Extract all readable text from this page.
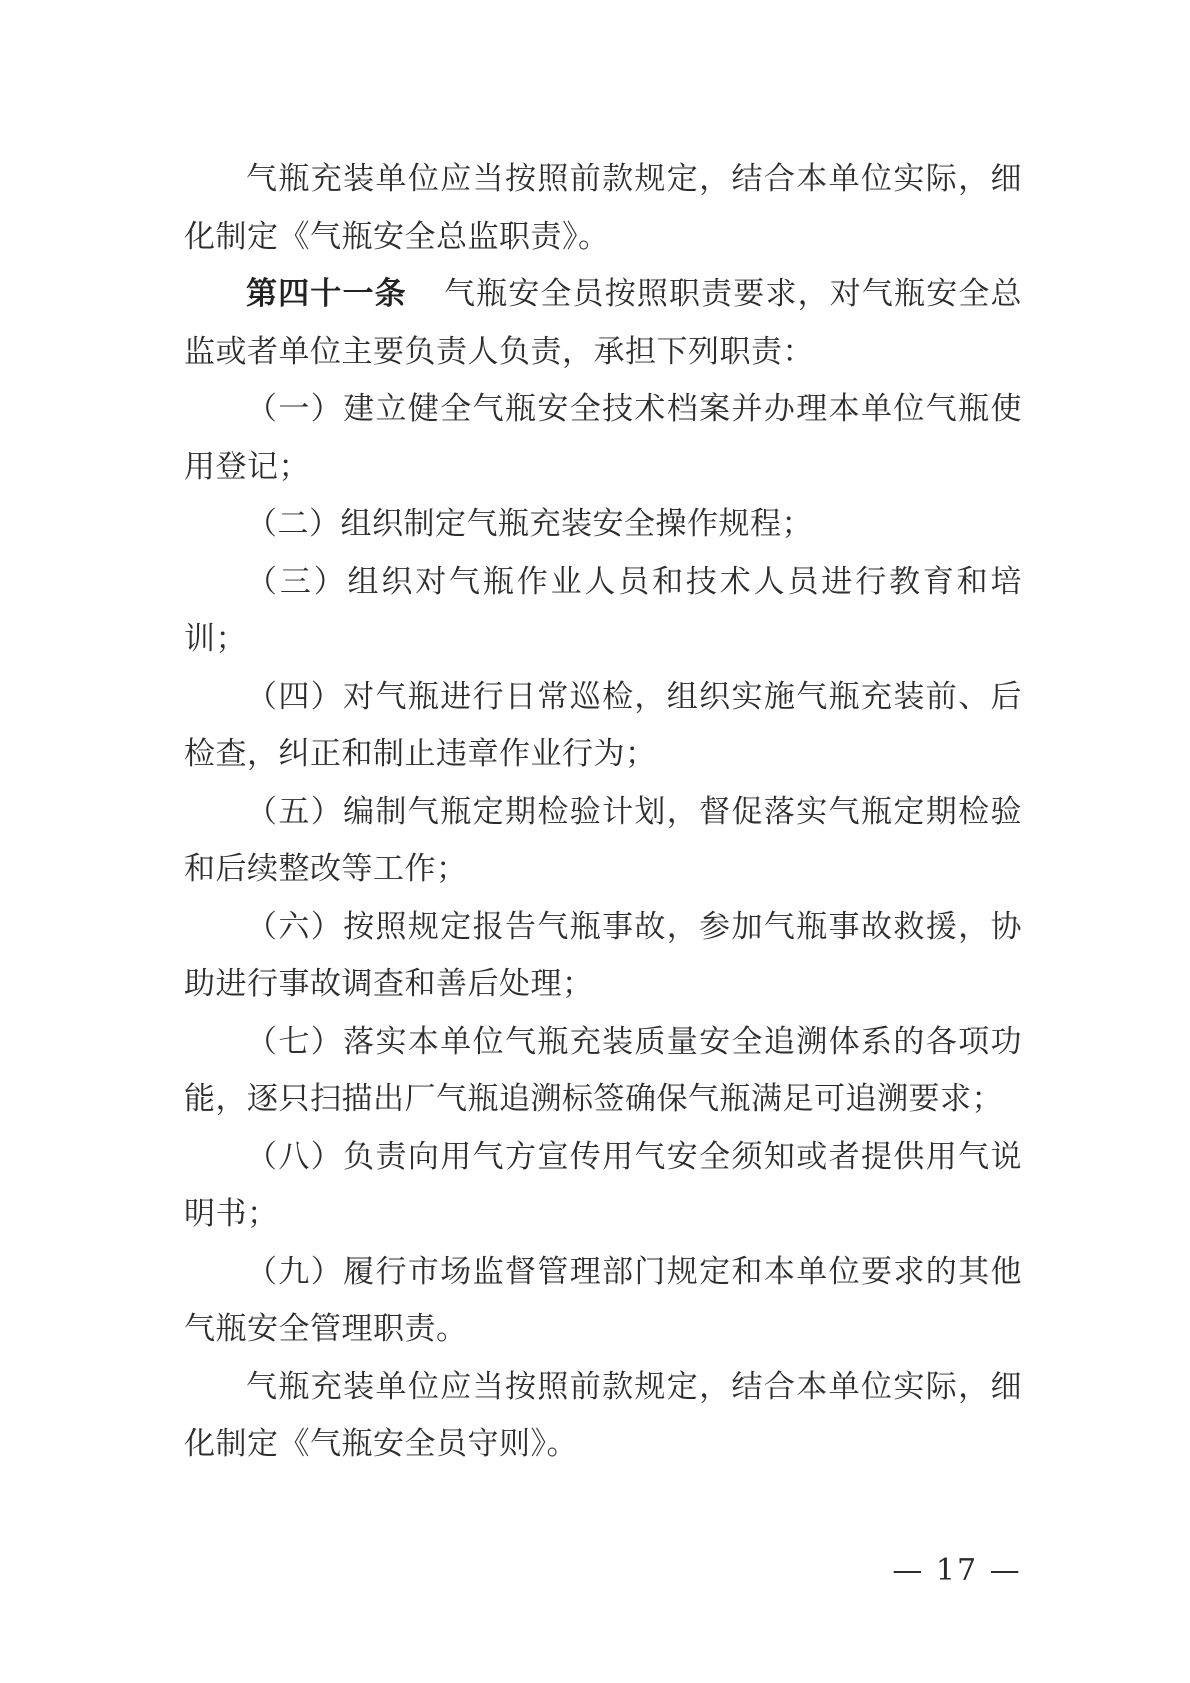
气瓶充装单位应当按照前款规定，结合本单位实际，细化制定《气瓶安全总监职责》。

第四十一条 气瓶安全员按照职责要求，对气瓶安全总监或者单位主要负责人负责，承担下列职责：

（一）建立健全气瓶安全技术档案并办理本单位气瓶使用登记；

（二）组织制定气瓶充装安全操作规程；

（三）组织对气瓶作业人员和技术人员进行教育和培训；

（四）对气瓶进行日常巡检，组织实施气瓶充装前、后检查，纠正和制止违章作业行为；

（五）编制气瓶定期检验计划，督促落实气瓶定期检验和后续整改等工作；

（六）按照规定报告气瓶事故，参加气瓶事故救援，协助进行事故调查和善后处理；

（七）落实本单位气瓶充装质量安全追溯体系的各项功能，逐只扫描出厂气瓶追溯标签确保气瓶满足可追溯要求；

（八）负责向用气方宣传用气安全须知或者提供用气说明书；

（九）履行市场监督管理部门规定和本单位要求的其他气瓶安全管理职责。

气瓶充装单位应当按照前款规定，结合本单位实际，细化制定《气瓶安全员守则》。

— 17 —
